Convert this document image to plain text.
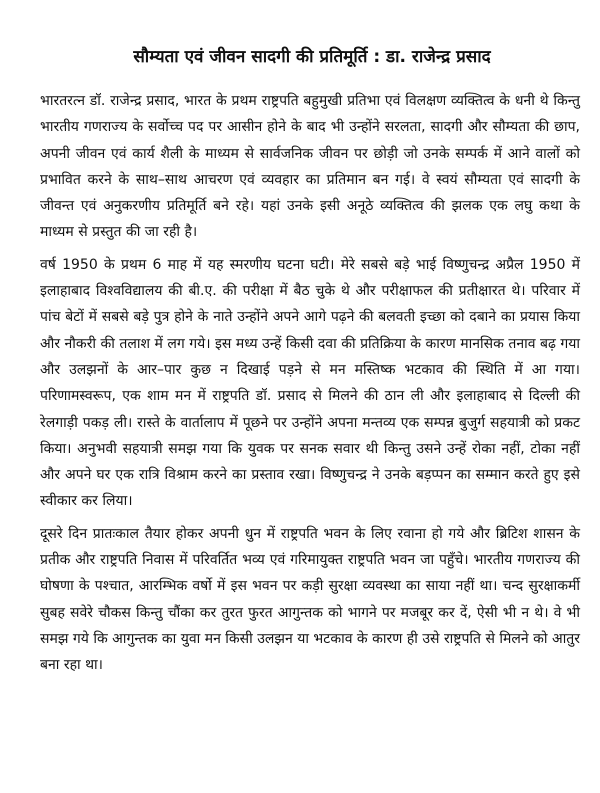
सौम्यता एवं जीवन सादगी की प्रतिमूर्ति : डा. राजेन्द्र प्रसाद

भारतरत्न डॉ. राजेन्द्र प्रसाद, भारत के प्रथम राष्ट्रपति बहुमुखी प्रतिभा एवं विलक्षण व्यक्तित्व के धनी थे किन्तु भारतीय गणराज्य के सर्वोच्च पद पर आसीन होने के बाद भी उन्होंने सरलता, सादगी और सौम्यता की छाप, अपनी जीवन एवं कार्य शैली के माध्यम से सार्वजनिक जीवन पर छोड़ी जो उनके सम्पर्क में आने वालों को प्रभावित करने के साथ–साथ आचरण एवं व्यवहार का प्रतिमान बन गई। वे स्वयं सौम्यता एवं सादगी के जीवन्त एवं अनुकरणीय प्रतिमूर्ति बने रहे। यहां उनके इसी अनूठे व्यक्तित्व की झलक एक लघु कथा के माध्यम से प्रस्तुत की जा रही है।

वर्ष 1950 के प्रथम 6 माह में यह स्मरणीय घटना घटी। मेरे सबसे बड़े भाई विष्णुचन्द्र अप्रैल 1950 में इलाहाबाद विश्वविद्यालय की बी.ए. की परीक्षा में बैठ चुके थे और परीक्षाफल की प्रतीक्षारत थे। परिवार में पांच बेटों में सबसे बड़े पुत्र होने के नाते उन्होंने अपने आगे पढ़ने की बलवती इच्छा को दबाने का प्रयास किया और नौकरी की तलाश में लग गये। इस मध्य उन्हें किसी दवा की प्रतिक्रिया के कारण मानसिक तनाव बढ़ गया और उलझनों के आर–पार कुछ न दिखाई पड़ने से मन मस्तिष्क भटकाव की स्थिति में आ गया। परिणामस्वरूप, एक शाम मन में राष्ट्रपति डॉ. प्रसाद से मिलने की ठान ली और इलाहाबाद से दिल्ली की रेलगाड़ी पकड़ ली। रास्ते के वार्तालाप में पूछने पर उन्होंने अपना मन्तव्य एक सम्पन्न बुजुर्ग सहयात्री को प्रकट किया। अनुभवी सहयात्री समझ गया कि युवक पर सनक सवार थी किन्तु उसने उन्हें रोका नहीं, टोका नहीं और अपने घर एक रात्रि विश्राम करने का प्रस्ताव रखा। विष्णुचन्द्र ने उनके बड़प्पन का सम्मान करते हुए इसे स्वीकार कर लिया।

दूसरे दिन प्रातःकाल तैयार होकर अपनी धुन में राष्ट्रपति भवन के लिए रवाना हो गये और ब्रिटिश शासन के प्रतीक और राष्ट्रपति निवास में परिवर्तित भव्य एवं गरिमायुक्त राष्ट्रपति भवन जा पहुँचे। भारतीय गणराज्य की घोषणा के पश्चात, आरम्भिक वर्षो में इस भवन पर कड़ी सुरक्षा व्यवस्था का साया नहीं था। चन्द सुरक्षाकर्मी सुबह सवेरे चौकस किन्तु चौंका कर तुरत फुरत आगुन्तक को भागने पर मजबूर कर दें, ऐसी भी न थे। वे भी समझ गये कि आगुन्तक का युवा मन किसी उलझन या भटकाव के कारण ही उसे राष्ट्रपति से मिलने को आतुर बना रहा था।
